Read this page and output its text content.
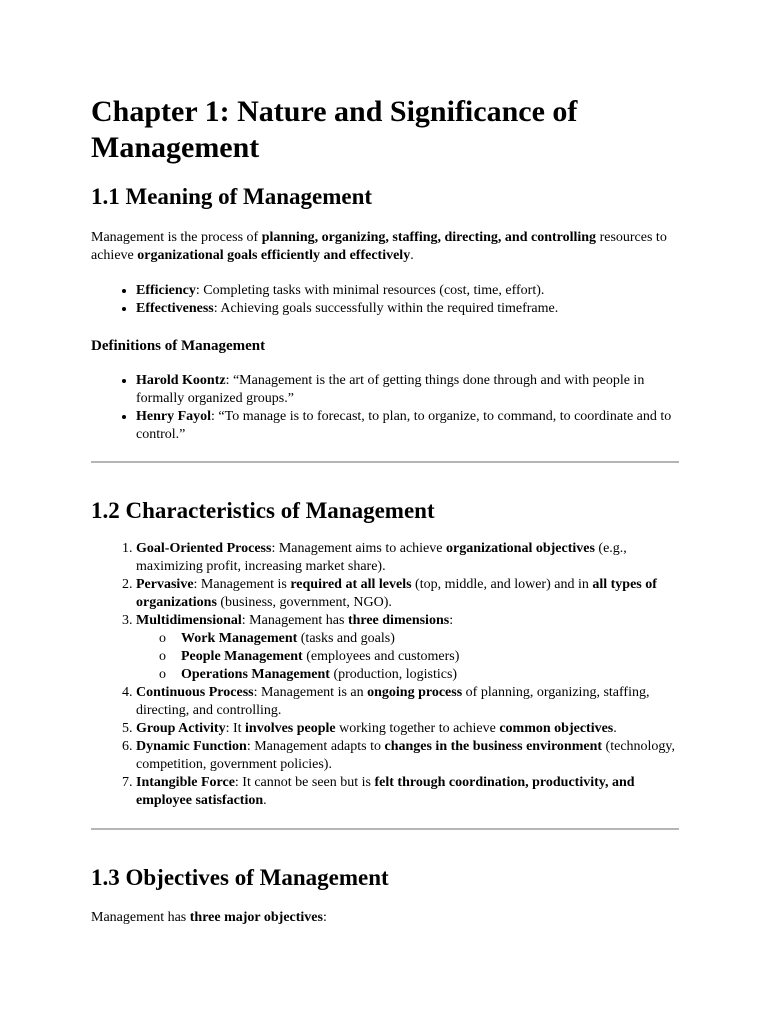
Chapter 1: Nature and Significance of Management
1.1 Meaning of Management

Management is the process of planning, organizing, staffing, directing, and controlling resources to achieve organizational goals efficiently and effectively.

• Efficiency: Completing tasks with minimal resources (cost, time, effort).
• Effectiveness: Achieving goals successfully within the required timeframe.
Definitions of Management
• Harold Koontz: “Management is the art of getting things done through and with people in formally organized groups.”
• Henry Fayol: “To manage is to forecast, to plan, to organize, to command, to coordinate and to control.”
1.2 Characteristics of Management
1. Goal-Oriented Process: Management aims to achieve organizational objectives (e.g., maximizing profit, increasing market share).
2. Pervasive: Management is required at all levels (top, middle, and lower) and in all types of organizations (business, government, NGO).
3. Multidimensional: Management has three dimensions:
o Work Management (tasks and goals)
o People Management (employees and customers)
o Operations Management (production, logistics)
4. Continuous Process: Management is an ongoing process of planning, organizing, staffing, directing, and controlling.
5. Group Activity: It involves people working together to achieve common objectives.
6. Dynamic Function: Management adapts to changes in the business environment (technology, competition, government policies).
7. Intangible Force: It cannot be seen but is felt through coordination, productivity, and employee satisfaction.
1.3 Objectives of Management

Management has three major objectives:
